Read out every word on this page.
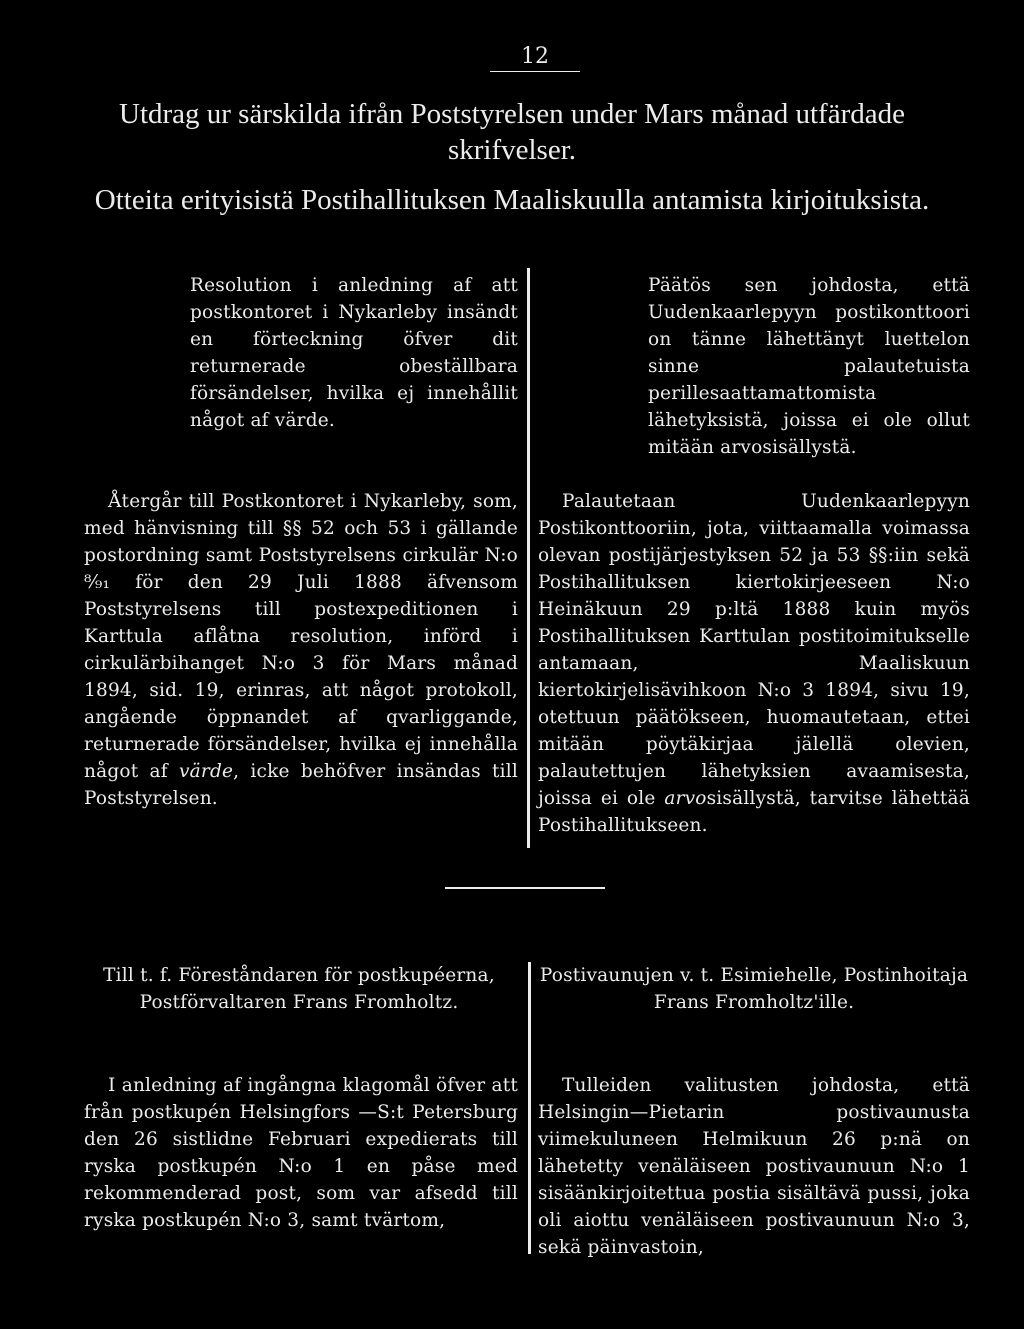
12
Utdrag ur särskilda ifrån Poststyrelsen under Mars månad utfärdade skrifvelser.
Otteita erityisistä Postihallituksen Maaliskuulla antamista kirjoituksista.

Resolution i anledning af att postkontoret i Nykarleby insändt en förteckning öfver dit returnerade obeställbara försändelser, hvilka ej innehållit något af värde.

Päätös sen johdosta, että Uudenkaarlepyyn postikonttoori on tänne lähettänyt luettelon sinne palautetuista perillesaattamattomista lähetyksistä, joissa ei ole ollut mitään arvosisällystä.

Återgår till Postkontoret i Nykarleby, som, med hänvisning till §§ 52 och 53 i gällande postordning samt Poststyrelsens cirkulär N:o ⁸⁄₉₁ för den 29 Juli 1888 äfvensom Poststyrelsens till postexpeditionen i Karttula aflåtna resolution, införd i cirkulärbihanget N:o 3 för Mars månad 1894, sid. 19, erinras, att något protokoll, angående öppnandet af qvarliggande, returnerade försändelser, hvilka ej innehålla något af värde, icke behöfver insändas till Poststyrelsen.

Palautetaan Uudenkaarlepyyn Postikonttooriin, jota, viittaamalla voimassa olevan postijärjestyksen 52 ja 53 §§:iin sekä Postihallituksen kiertokirjeeseen N:o Heinäkuun 29 p:ltä 1888 kuin myös Postihallituksen Karttulan postitoimitukselle antamaan, Maaliskuun kiertokirjelisävihkoon N:o 3 1894, sivu 19, otettuun päätökseen, huomautetaan, ettei mitään pöytäkirjaa jälellä olevien, palautettujen lähetyksien avaamisesta, joissa ei ole arvosisällystä, tarvitse lähettää Postihallitukseen.

Till t. f. Föreståndaren för postkupéerna, Postförvaltaren Frans Fromholtz.

Postivaunujen v. t. Esimiehelle, Postinhoitaja Frans Fromholtz'ille.

I anledning af ingångna klagomål öfver att från postkupén Helsingfors —S:t Petersburg den 26 sistlidne Februari expedierats till ryska postkupén N:o 1 en påse med rekommenderad post, som var afsedd till ryska postkupén N:o 3, samt tvärtom,

Tulleiden valitusten johdosta, että Helsingin—Pietarin postivaunusta viimekuluneen Helmikuun 26 p:nä on lähetetty venäläiseen postivaunuun N:o 1 sisäänkirjoitettua postia sisältävä pussi, joka oli aiottu venäläiseen postivaunuun N:o 3, sekä päinvastoin,
